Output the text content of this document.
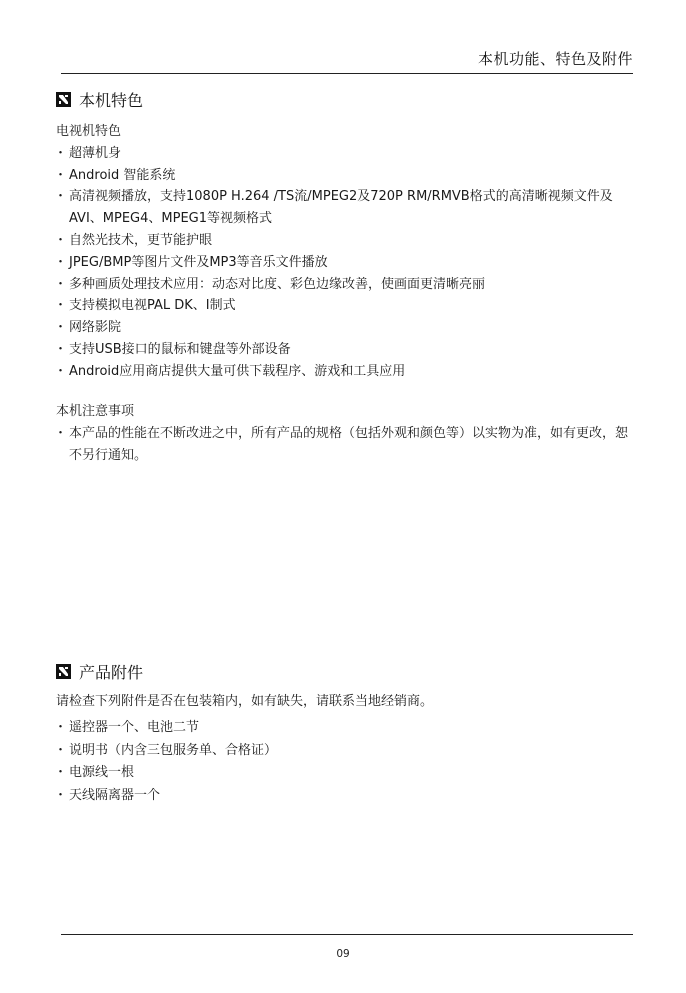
本机功能、特色及附件
本机特色

电视机特色

・ 超薄机身
・ Android 智能系统
・ 高清视频播放，支持1080P H.264 /TS流/MPEG2及720P RM/RMVB格式的高清晰视频文件及AVI、MPEG4、MPEG1等视频格式
・ 自然光技术，更节能护眼
・ JPEG/BMP等图片文件及MP3等音乐文件播放
・ 多种画质处理技术应用：动态对比度、彩色边缘改善，使画面更清晰亮丽
・ 支持模拟电视PAL DK、I制式
・ 网络影院
・ 支持USB接口的鼠标和键盘等外部设备
・ Android应用商店提供大量可供下载程序、游戏和工具应用

本机注意事项

・ 本产品的性能在不断改进之中，所有产品的规格（包括外观和颜色等）以实物为准，如有更改，恕不另行通知。
产品附件
请检查下列附件是否在包装箱内，如有缺失，请联系当地经销商。
・ 遥控器一个、电池二节
・ 说明书（内含三包服务单、合格证）
・ 电源线一根
・ 天线隔离器一个
09
